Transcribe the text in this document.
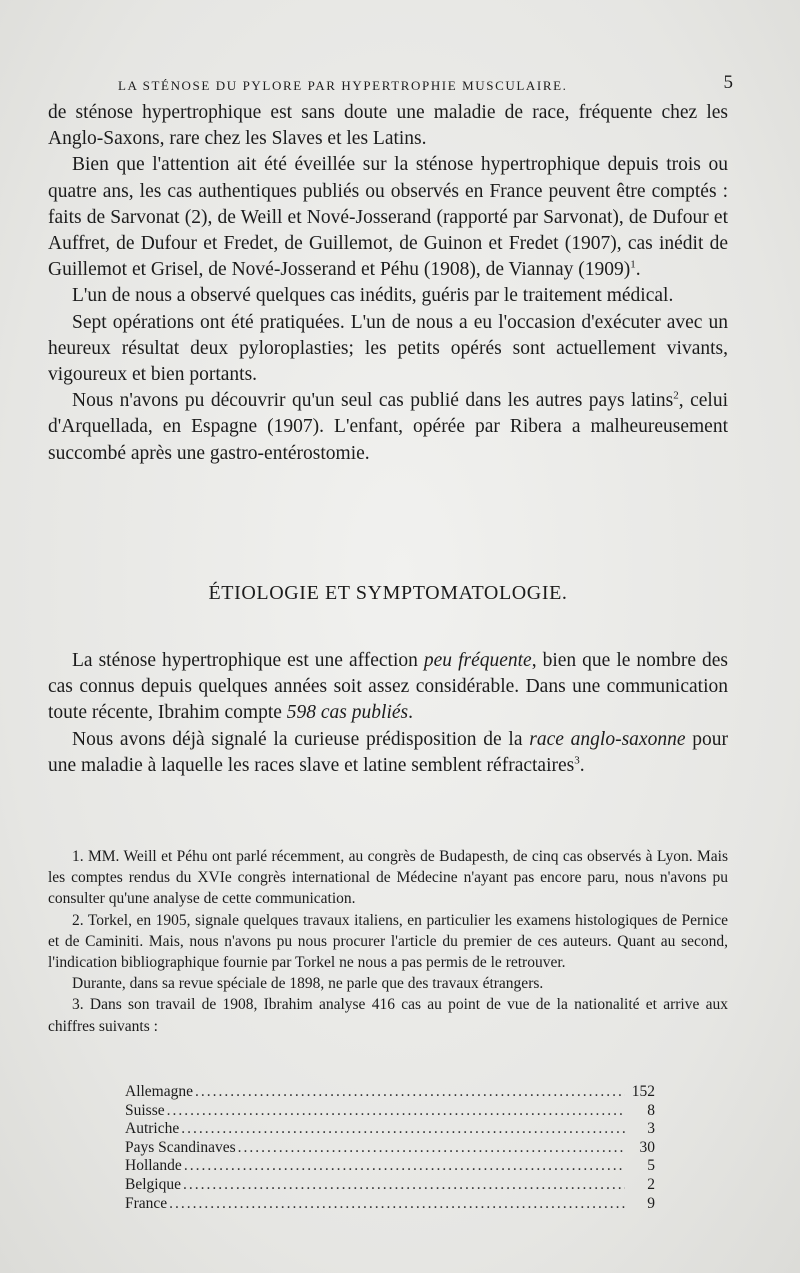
LA STÉNOSE DU PYLORE PAR HYPERTROPHIE MUSCULAIRE.	5

de sténose hypertrophique est sans doute une maladie de race, fréquente chez les Anglo-Saxons, rare chez les Slaves et les Latins.

Bien que l'attention ait été éveillée sur la sténose hypertrophique depuis trois ou quatre ans, les cas authentiques publiés ou observés en France peuvent être comptés : faits de Sarvonat (2), de Weill et Nové-Josserand (rapporté par Sarvonat), de Dufour et Auffret, de Dufour et Fredet, de Guillemot, de Guinon et Fredet (1907), cas inédit de Guillemot et Grisel, de Nové-Josserand et Péhu (1908), de Viannay $(1909)^1$.

L'un de nous a observé quelques cas inédits, guéris par le traitement médical.

Sept opérations ont été pratiquées. L'un de nous a eu l'occasion d'exécuter avec un heureux résultat deux pyloroplasties; les petits opérés sont actuellement vivants, vigoureux et bien portants.

Nous n'avons pu découvrir qu'un seul cas publié dans les autres pays latins$^2$, celui d'Arquellada, en Espagne (1907). L'enfant, opérée par Ribera a malheureusement succombé après une gastro-entérostomie.

ÉTIOLOGIE ET SYMPTOMATOLOGIE.

La sténose hypertrophique est une affection peu fréquente, bien que le nombre des cas connus depuis quelques années soit assez considérable. Dans une communication toute récente, Ibrahim compte 598 cas publiés.

Nous avons déjà signalé la curieuse prédisposition de la race anglo-saxonne pour une maladie à laquelle les races slave et latine semblent réfractaires$^3$.

1. MM. Weill et Péhu ont parlé récemment, au congrès de Budapesth, de cinq cas observés à Lyon. Mais les comptes rendus du XVIe congrès international de Médecine n'ayant pas encore paru, nous n'avons pu consulter qu'une analyse de cette communication.

2. Torkel, en 1905, signale quelques travaux italiens, en particulier les examens histologiques de Pernice et de Caminiti. Mais, nous n'avons pu nous procurer l'article du premier de ces auteurs. Quant au second, l'indication bibliographique fournie par Torkel ne nous a pas permis de le retrouver.

Durante, dans sa revue spéciale de 1898, ne parle que des travaux étrangers.

3. Dans son travail de 1908, Ibrahim analyse 416 cas au point de vue de la nationalité et arrive aux chiffres suivants :

Allemagne .....	152
Suisse .....	8
Autriche .....	3
Pays Scandinaves .....	30
Hollande .....	5
Belgique .....	2
France .....	9
